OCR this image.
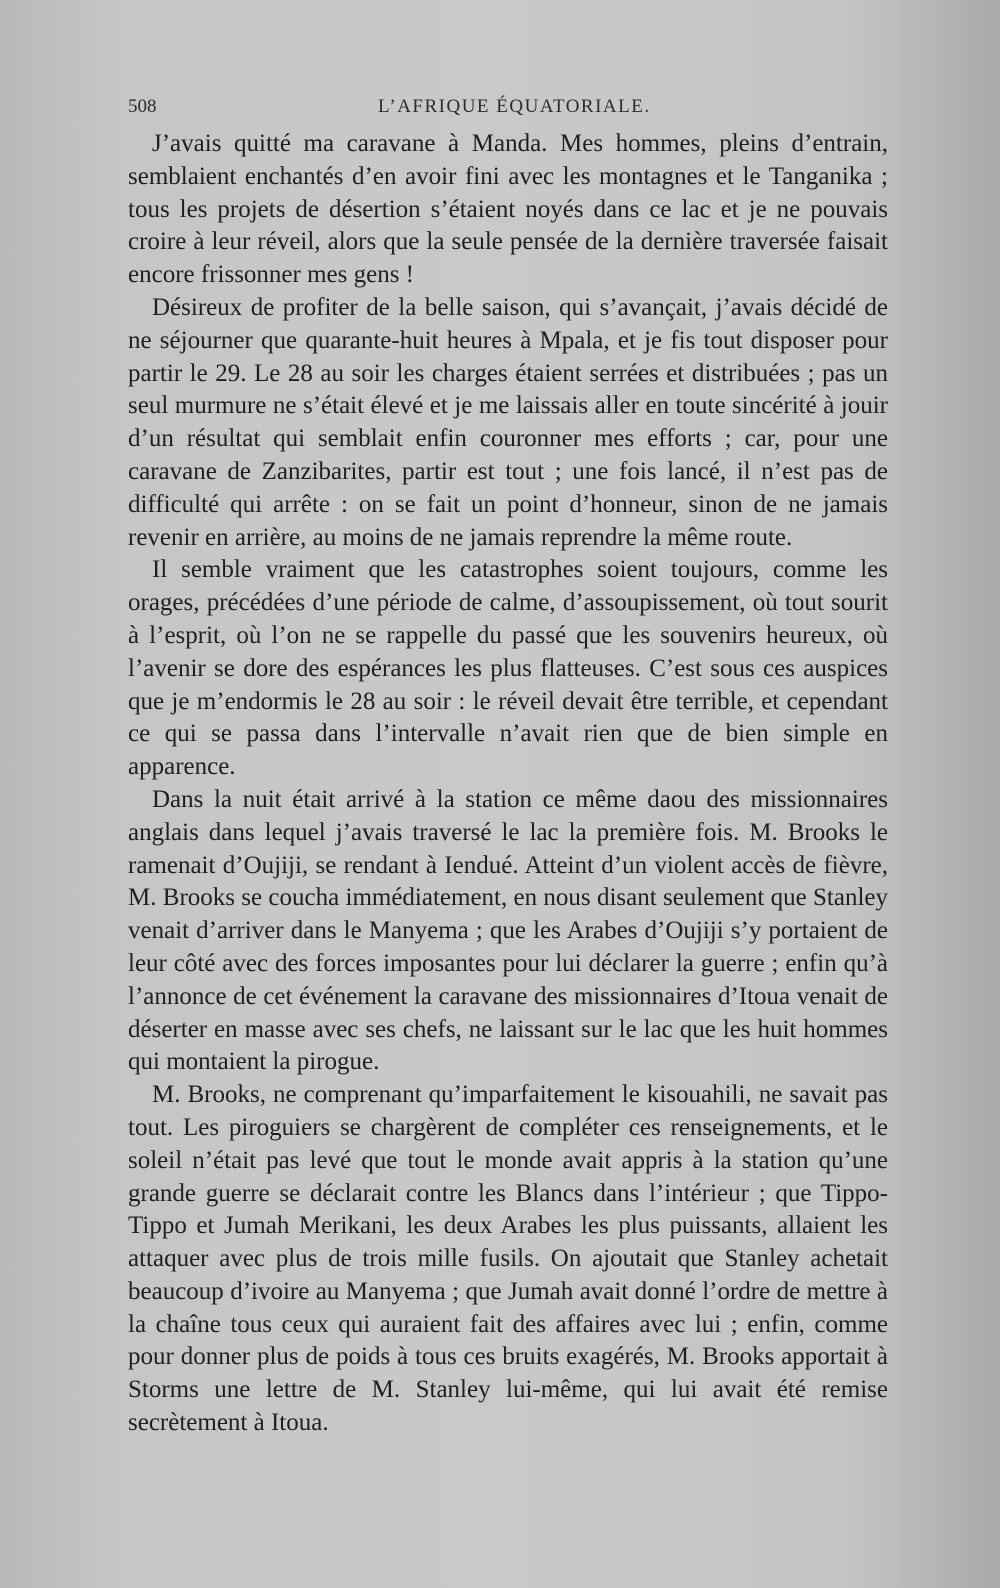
508	L’AFRIQUE ÉQUATORIALE.

J’avais quitté ma caravane à Manda. Mes hommes, pleins d’entrain, semblaient enchantés d’en avoir fini avec les montagnes et le Tanganika ; tous les projets de désertion s’étaient noyés dans ce lac et je ne pouvais croire à leur réveil, alors que la seule pensée de la dernière traversée faisait encore frissonner mes gens !

Désireux de profiter de la belle saison, qui s’avançait, j’avais décidé de ne séjourner que quarante-huit heures à Mpala, et je fis tout disposer pour partir le 29. Le 28 au soir les charges étaient serrées et distribuées ; pas un seul murmure ne s’était élevé et je me laissais aller en toute sincérité à jouir d’un résultat qui semblait enfin couronner mes efforts ; car, pour une caravane de Zanzibarites, partir est tout ; une fois lancé, il n’est pas de difficulté qui arrête : on se fait un point d’honneur, sinon de ne jamais revenir en arrière, au moins de ne jamais reprendre la même route.

Il semble vraiment que les catastrophes soient toujours, comme les orages, précédées d’une période de calme, d’assoupissement, où tout sourit à l’esprit, où l’on ne se rappelle du passé que les souvenirs heureux, où l’avenir se dore des espérances les plus flatteuses. C’est sous ces auspices que je m’endormis le 28 au soir : le réveil devait être terrible, et cependant ce qui se passa dans l’intervalle n’avait rien que de bien simple en apparence.

Dans la nuit était arrivé à la station ce même daou des missionnaires anglais dans lequel j’avais traversé le lac la première fois. M. Brooks le ramenait d’Oujiji, se rendant à Iendué. Atteint d’un violent accès de fièvre, M. Brooks se coucha immédiatement, en nous disant seulement que Stanley venait d’arriver dans le Manyema ; que les Arabes d’Oujiji s’y portaient de leur côté avec des forces imposantes pour lui déclarer la guerre ; enfin qu’à l’annonce de cet événement la caravane des missionnaires d’Itoua venait de déserter en masse avec ses chefs, ne laissant sur le lac que les huit hommes qui montaient la pirogue.

M. Brooks, ne comprenant qu’imparfaitement le kisouahili, ne savait pas tout. Les piroguiers se chargèrent de compléter ces renseignements, et le soleil n’était pas levé que tout le monde avait appris à la station qu’une grande guerre se déclarait contre les Blancs dans l’intérieur ; que Tippo-Tippo et Jumah Merikani, les deux Arabes les plus puissants, allaient les attaquer avec plus de trois mille fusils. On ajoutait que Stanley achetait beaucoup d’ivoire au Manyema ; que Jumah avait donné l’ordre de mettre à la chaîne tous ceux qui auraient fait des affaires avec lui ; enfin, comme pour donner plus de poids à tous ces bruits exagérés, M. Brooks apportait à Storms une lettre de M. Stanley lui-même, qui lui avait été remise secrètement à Itoua.
